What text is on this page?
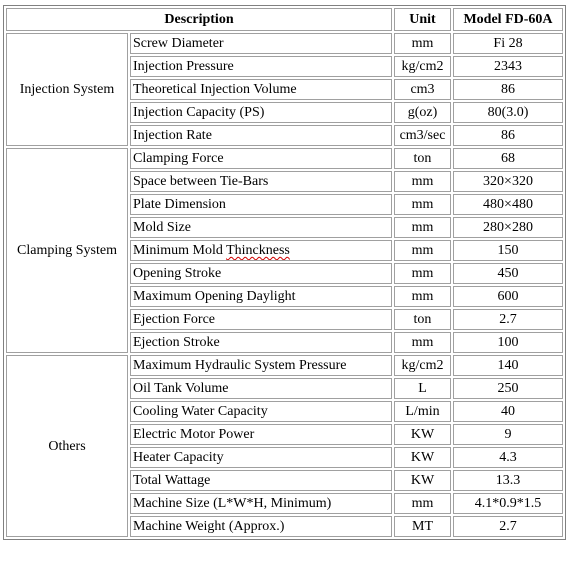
Description		Unit	Model FD-60A
Injection System	Screw Diameter	mm	Fi 28
	Injection Pressure	kg/cm2	2343
	Theoretical Injection Volume	cm3	86
	Injection Capacity (PS)	g(oz)	80(3.0)
	Injection Rate	cm3/sec	86
Clamping System	Clamping Force	ton	68
	Space between Tie-Bars	mm	320×320
	Plate Dimension	mm	480×480
	Mold Size	mm	280×280
	Minimum Mold Thinckness	mm	150
	Opening Stroke	mm	450
	Maximum Opening Daylight	mm	600
	Ejection Force	ton	2.7
	Ejection Stroke	mm	100
Others	Maximum Hydraulic System Pressure	kg/cm2	140
	Oil Tank Volume	L	250
	Cooling Water Capacity	L/min	40
	Electric Motor Power	KW	9
	Heater Capacity	KW	4.3
	Total Wattage	KW	13.3
	Machine Size (L*W*H, Minimum)	mm	4.1*0.9*1.5
	Machine Weight (Approx.)	MT	2.7
